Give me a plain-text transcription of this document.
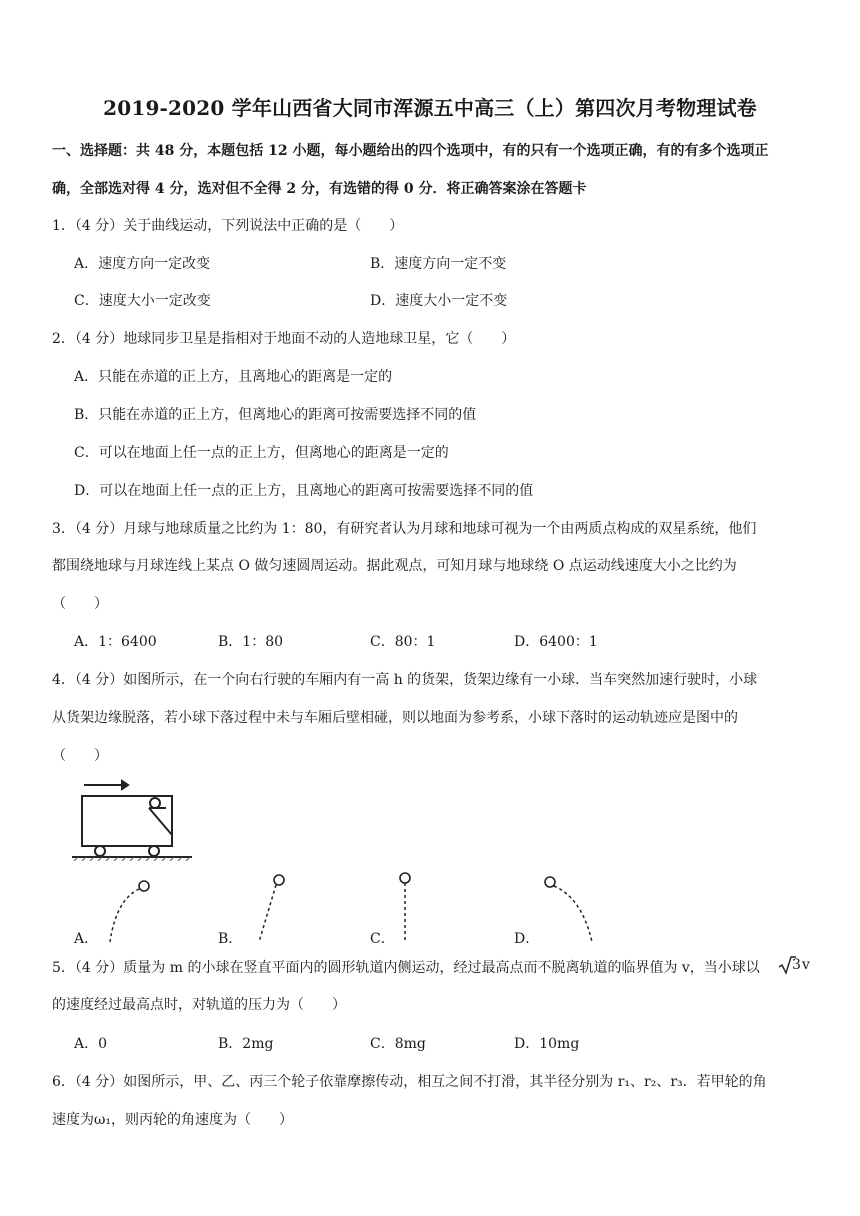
2019-2020 学年山西省大同市浑源五中高三（上）第四次月考物理试卷
一、选择题：共 48 分，本题包括 12 小题，每小题给出的四个选项中，有的只有一个选项正确，有的有多个选项正
确，全部选对得 4 分，选对但不全得 2 分，有选错的得 0 分．将正确答案涂在答题卡
1．（4 分）关于曲线运动，下列说法中正确的是（　　）
A．速度方向一定改变	B．速度方向一定不变
C．速度大小一定改变	D．速度大小一定不变
2．（4 分）地球同步卫星是指相对于地面不动的人造地球卫星，它（　　）
A．只能在赤道的正上方，且离地心的距离是一定的
B．只能在赤道的正上方，但离地心的距离可按需要选择不同的值
C．可以在地面上任一点的正上方，但离地心的距离是一定的
D．可以在地面上任一点的正上方，且离地心的距离可按需要选择不同的值
3．（4 分）月球与地球质量之比约为 1：80，有研究者认为月球和地球可视为一个由两质点构成的双星系统，他们
都围绕地球与月球连线上某点 O 做匀速圆周运动。据此观点，可知月球与地球绕 O 点运动线速度大小之比约为
（　　）
A．1：6400	B．1：80	C．80：1	D．6400：1
4．（4 分）如图所示，在一个向右行驶的车厢内有一高 h 的货架，货架边缘有一小球．当车突然加速行驶时，小球
从货架边缘脱落，若小球下落过程中未与车厢后壁相碰，则以地面为参考系，小球下落时的运动轨迹应是图中的
（　　）
A．	B．	C．	D．
5．（4 分）质量为 m 的小球在竖直平面内的圆形轨道内侧运动，经过最高点而不脱离轨道的临界值为 v，当小球以 3 v
的速度经过最高点时，对轨道的压力为（　　）
A．0	B．2mg	C．8mg	D．10mg
6．（4 分）如图所示，甲、乙、丙三个轮子依靠摩擦传动，相互之间不打滑，其半径分别为 r₁、r₂、r₃．若甲轮的角
速度为ω₁，则丙轮的角速度为（　　）
